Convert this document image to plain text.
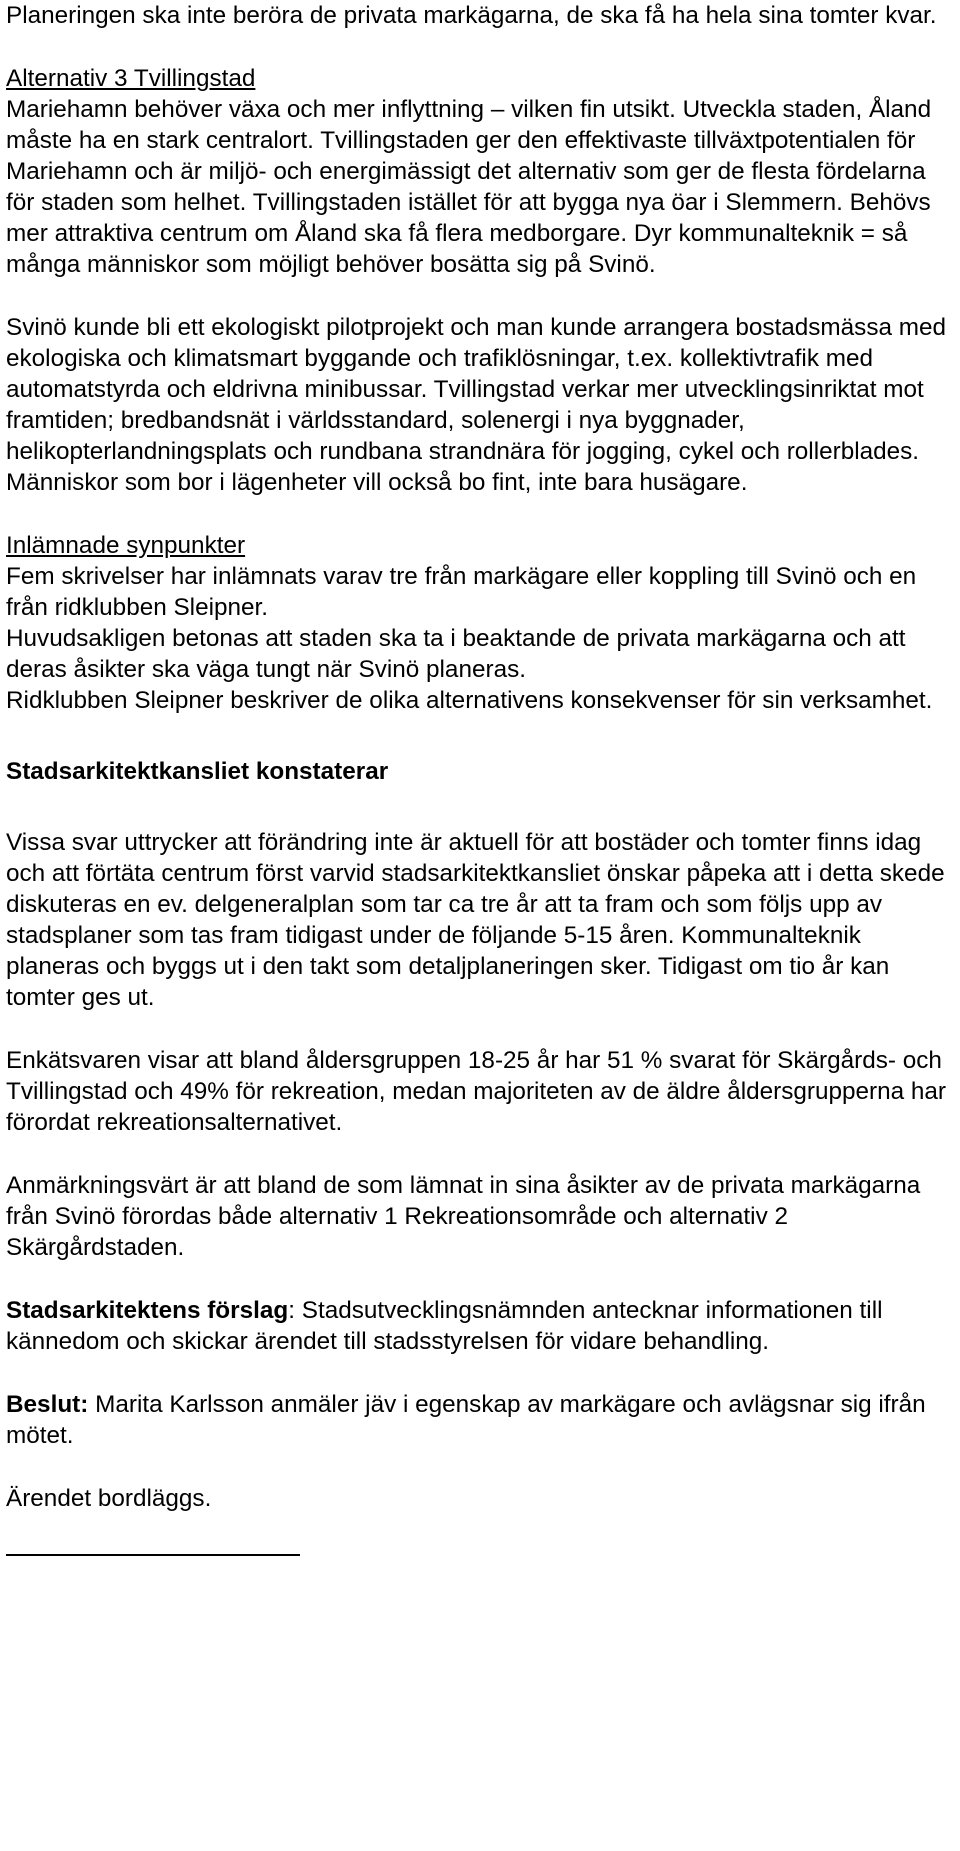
Planeringen ska inte beröra de privata markägarna, de ska få ha hela sina tomter kvar.

Alternativ 3 Tvillingstad

Mariehamn behöver växa och mer inflyttning – vilken fin utsikt. Utveckla staden, Åland måste ha en stark centralort. Tvillingstaden ger den effektivaste tillväxtpotentialen för Mariehamn och är miljö- och energimässigt det alternativ som ger de flesta fördelarna för staden som helhet. Tvillingstaden istället för att bygga nya öar i Slemmern. Behövs mer attraktiva centrum om Åland ska få flera medborgare. Dyr kommunalteknik = så många människor som möjligt behöver bosätta sig på Svinö.

Svinö kunde bli ett ekologiskt pilotprojekt och man kunde arrangera bostadsmässa med ekologiska och klimatsmart byggande och trafiklösningar, t.ex. kollektivtrafik med automatstyrda och eldrivna minibussar. Tvillingstad verkar mer utvecklingsinriktat mot framtiden; bredbandsnät i världsstandard, solenergi i nya byggnader, helikopterlandningsplats och rundbana strandnära för jogging, cykel och rollerblades. Människor som bor i lägenheter vill också bo fint, inte bara husägare.

Inlämnade synpunkter

Fem skrivelser har inlämnats varav tre från markägare eller koppling till Svinö och en från ridklubben Sleipner.

Huvudsakligen betonas att staden ska ta i beaktande de privata markägarna och att deras åsikter ska väga tungt när Svinö planeras.

Ridklubben Sleipner beskriver de olika alternativens konsekvenser för sin verksamhet.

Stadsarkitektkansliet konstaterar

Vissa svar uttrycker att förändring inte är aktuell för att bostäder och tomter finns idag och att förtäta centrum först varvid stadsarkitektkansliet önskar påpeka att i detta skede diskuteras en ev. delgeneralplan som tar ca tre år att ta fram och som följs upp av stadsplaner som tas fram tidigast under de följande 5-15 åren. Kommunalteknik planeras och byggs ut i den takt som detaljplaneringen sker. Tidigast om tio år kan tomter ges ut.

Enkätsvaren visar att bland åldersgruppen 18-25 år har 51 % svarat för Skärgårds- och Tvillingstad och 49% för rekreation, medan majoriteten av de äldre åldersgrupperna har förordat rekreationsalternativet.

Anmärkningsvärt är att bland de som lämnat in sina åsikter av de privata markägarna från Svinö förordas både alternativ 1 Rekreationsområde och alternativ 2 Skärgårdstaden.

Stadsarkitektens förslag: Stadsutvecklingsnämnden antecknar informationen till kännedom och skickar ärendet till stadsstyrelsen för vidare behandling.

Beslut: Marita Karlsson anmäler jäv i egenskap av markägare och avlägsnar sig ifrån mötet.

Ärendet bordläggs.
